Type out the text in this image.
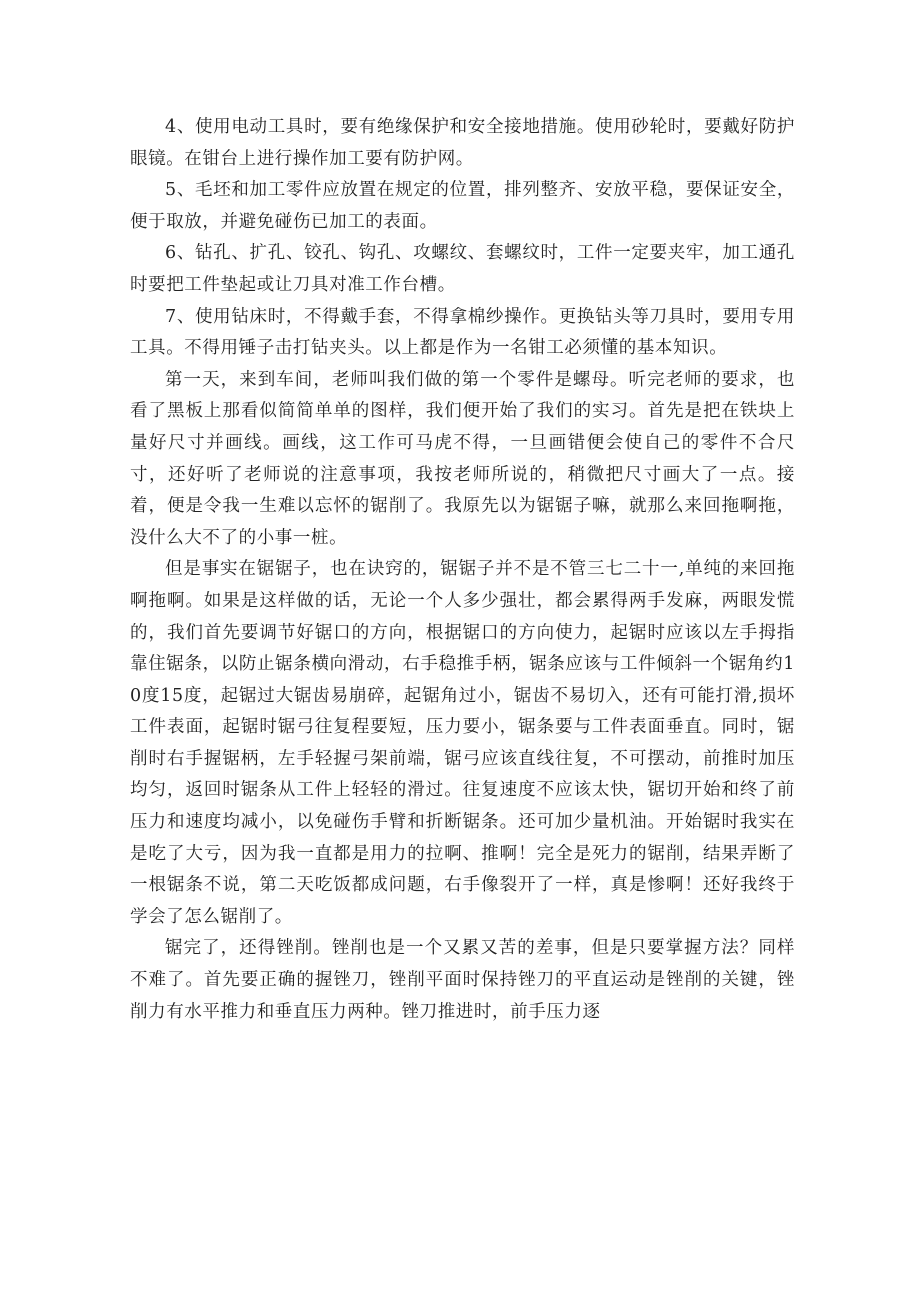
4、使用电动工具时，要有绝缘保护和安全接地措施。使用砂轮时，要戴好防护眼镜。在钳台上进行操作加工要有防护网。

5、毛坯和加工零件应放置在规定的位置，排列整齐、安放平稳，要保证安全，便于取放，并避免碰伤已加工的表面。

6、钻孔、扩孔、铰孔、钩孔、攻螺纹、套螺纹时，工件一定要夹牢，加工通孔时要把工件垫起或让刀具对准工作台槽。

7、使用钻床时，不得戴手套，不得拿棉纱操作。更换钻头等刀具时，要用专用工具。不得用锤子击打钻夹头。以上都是作为一名钳工必须懂的基本知识。

第一天，来到车间，老师叫我们做的第一个零件是螺母。听完老师的要求，也看了黑板上那看似简简单单的图样，我们便开始了我们的实习。首先是把在铁块上量好尺寸并画线。画线，这工作可马虎不得，一旦画错便会使自己的零件不合尺寸，还好听了老师说的注意事项，我按老师所说的，稍微把尺寸画大了一点。接着，便是令我一生难以忘怀的锯削了。我原先以为锯锯子嘛，就那么来回拖啊拖，没什么大不了的小事一桩。

但是事实在锯锯子，也在诀窍的，锯锯子并不是不管三七二十一,单纯的来回拖啊拖啊。如果是这样做的话，无论一个人多少强壮，都会累得两手发麻，两眼发慌的，我们首先要调节好锯口的方向，根据锯口的方向使力，起锯时应该以左手拇指靠住锯条，以防止锯条横向滑动，右手稳推手柄，锯条应该与工件倾斜一个锯角约10度15度，起锯过大锯齿易崩碎，起锯角过小，锯齿不易切入，还有可能打滑,损坏工件表面，起锯时锯弓往复程要短，压力要小，锯条要与工件表面垂直。同时，锯削时右手握锯柄，左手轻握弓架前端，锯弓应该直线往复，不可摆动，前推时加压均匀，返回时锯条从工件上轻轻的滑过。往复速度不应该太快，锯切开始和终了前压力和速度均减小，以免碰伤手臂和折断锯条。还可加少量机油。开始锯时我实在是吃了大亏，因为我一直都是用力的拉啊、推啊！完全是死力的锯削，结果弄断了一根锯条不说，第二天吃饭都成问题，右手像裂开了一样，真是惨啊！还好我终于学会了怎么锯削了。

锯完了，还得锉削。锉削也是一个又累又苦的差事，但是只要掌握方法？同样不难了。首先要正确的握锉刀，锉削平面时保持锉刀的平直运动是锉削的关键，锉削力有水平推力和垂直压力两种。锉刀推进时，前手压力逐
